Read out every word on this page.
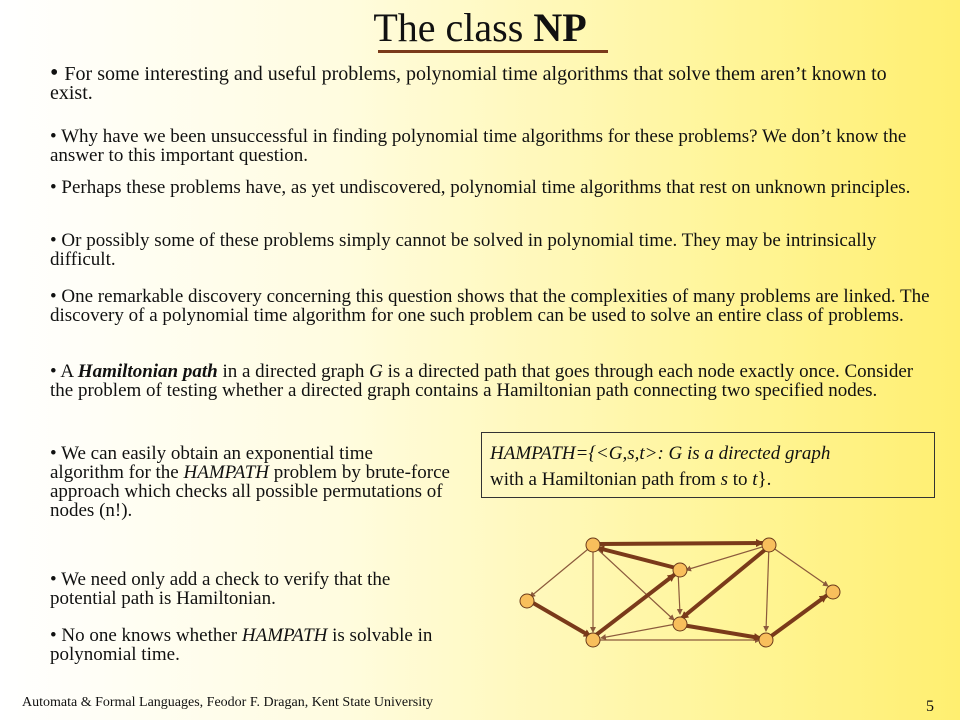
The class NP

• For some interesting and useful problems, polynomial time algorithms that solve them aren’t known to exist.

• Why have we been unsuccessful in finding polynomial time algorithms for these problems? We don’t know the answer to this important question.

• Perhaps these problems have, as yet undiscovered, polynomial time algorithms that rest on unknown principles.

• Or possibly some of these problems simply cannot be solved in polynomial time. They may be intrinsically difficult.

• One remarkable discovery concerning this question shows that the complexities of many problems are linked. The discovery of a polynomial time algorithm for one such problem can be used to solve an entire class of problems.

• A Hamiltonian path in a directed graph G is a directed path that goes through each node exactly once. Consider the problem of testing whether a directed graph contains a Hamiltonian path connecting two specified nodes.

• We can easily obtain an exponential time algorithm for the HAMPATH problem by brute-force approach which checks all possible permutations of nodes (n!).

• We need only add a check to verify that the potential path is Hamiltonian.

• No one knows whether HAMPATH is solvable in polynomial time.

HAMPATH={<G,s,t>: G is a directed graph
with a Hamiltonian path from s to t}.
Automata & Formal Languages, Feodor F. Dragan, Kent State University	5
